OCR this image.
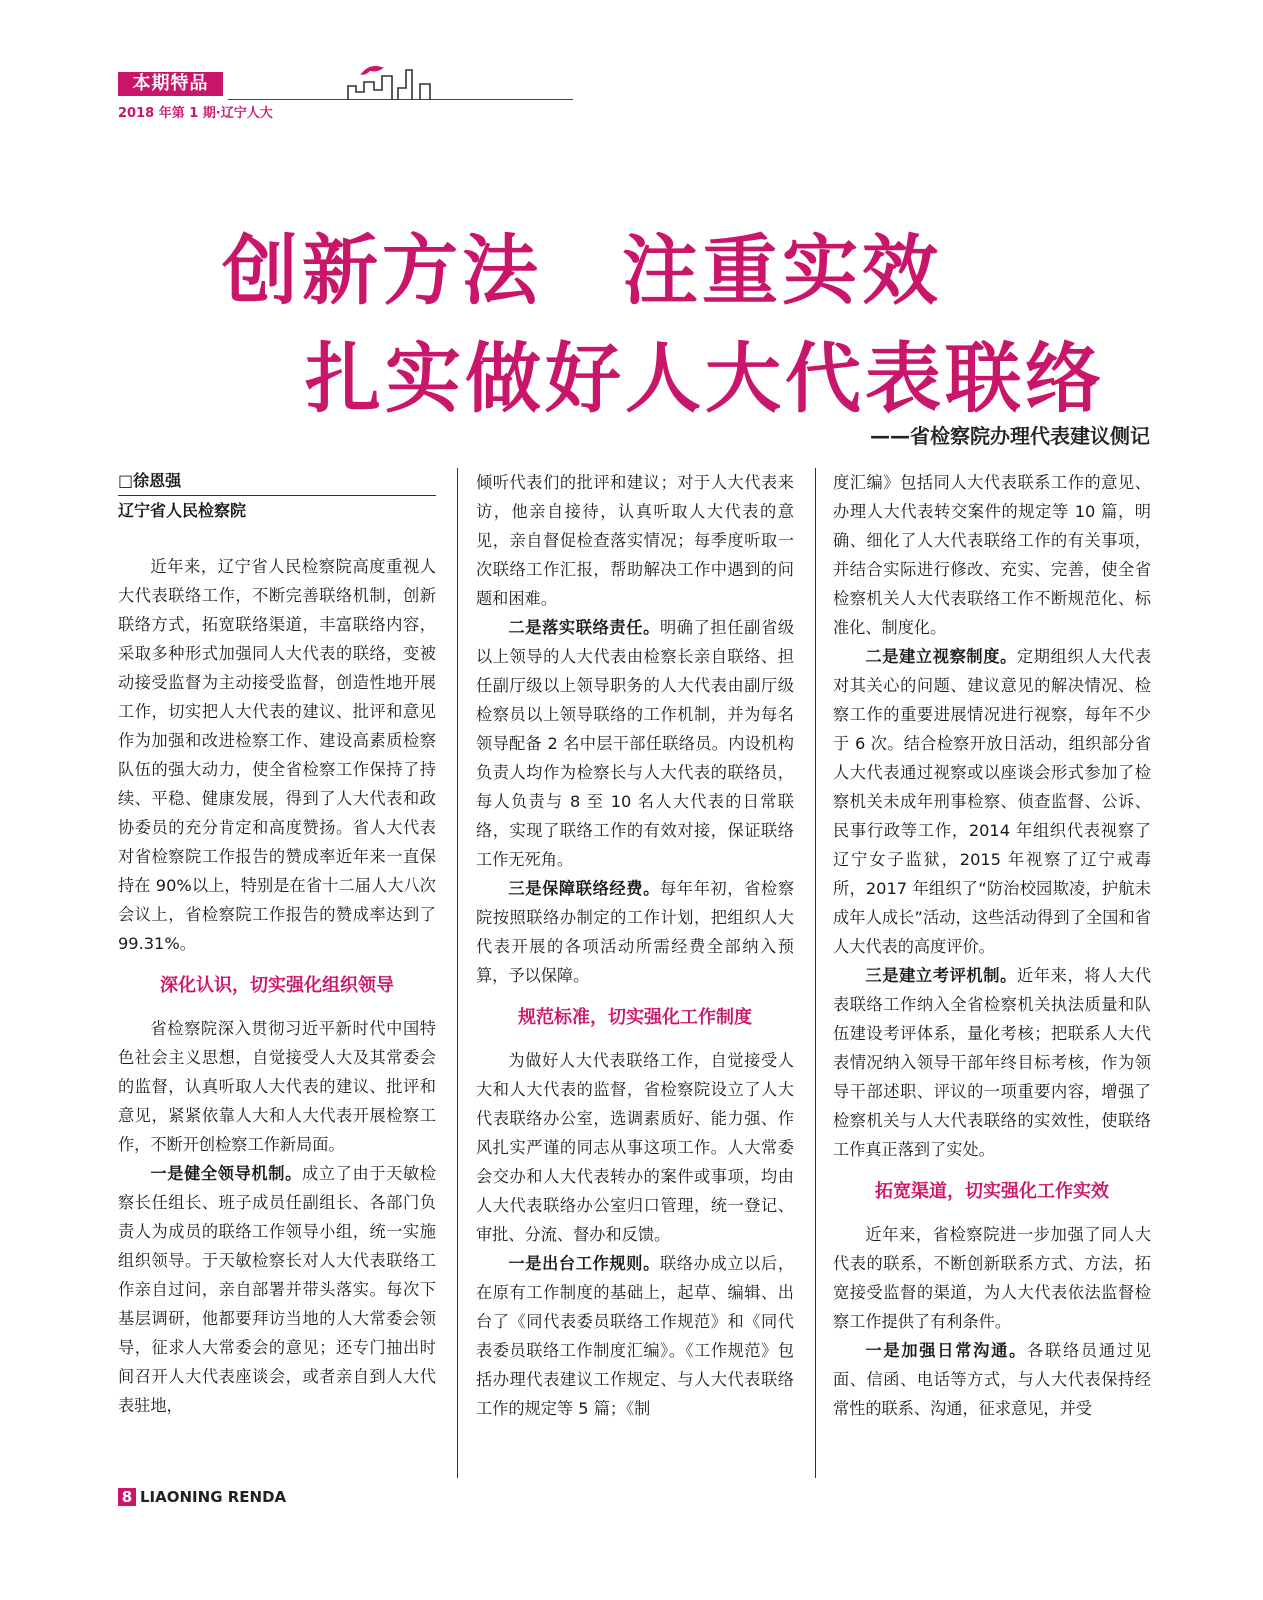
本期特品
2018 年第 1 期·辽宁人大
创新方法　注重实效
扎实做好人大代表联络
——省检察院办理代表建议侧记
□徐恩强
辽宁省人民检察院

近年来，辽宁省人民检察院高度重视人大代表联络工作，不断完善联络机制，创新联络方式，拓宽联络渠道，丰富联络内容，采取多种形式加强同人大代表的联络，变被动接受监督为主动接受监督，创造性地开展工作，切实把人大代表的建议、批评和意见作为加强和改进检察工作、建设高素质检察队伍的强大动力，使全省检察工作保持了持续、平稳、健康发展，得到了人大代表和政协委员的充分肯定和高度赞扬。省人大代表对省检察院工作报告的赞成率近年来一直保持在 90%以上，特别是在省十二届人大八次会议上，省检察院工作报告的赞成率达到了 99.31%。

深化认识，切实强化组织领导

省检察院深入贯彻习近平新时代中国特色社会主义思想，自觉接受人大及其常委会的监督，认真听取人大代表的建议、批评和意见，紧紧依靠人大和人大代表开展检察工作，不断开创检察工作新局面。

一是健全领导机制。成立了由于天敏检察长任组长、班子成员任副组长、各部门负责人为成员的联络工作领导小组，统一实施组织领导。于天敏检察长对人大代表联络工作亲自过问，亲自部署并带头落实。每次下基层调研，他都要拜访当地的人大常委会领导，征求人大常委会的意见；还专门抽出时间召开人大代表座谈会，或者亲自到人大代表驻地，

倾听代表们的批评和建议；对于人大代表来访，他亲自接待，认真听取人大代表的意见，亲自督促检查落实情况；每季度听取一次联络工作汇报，帮助解决工作中遇到的问题和困难。

二是落实联络责任。明确了担任副省级以上领导的人大代表由检察长亲自联络、担任副厅级以上领导职务的人大代表由副厅级检察员以上领导联络的工作机制，并为每名领导配备 2 名中层干部任联络员。内设机构负责人均作为检察长与人大代表的联络员，每人负责与 8 至 10 名人大代表的日常联络，实现了联络工作的有效对接，保证联络工作无死角。

三是保障联络经费。每年年初，省检察院按照联络办制定的工作计划，把组织人大代表开展的各项活动所需经费全部纳入预算，予以保障。

规范标准，切实强化工作制度

为做好人大代表联络工作，自觉接受人大和人大代表的监督，省检察院设立了人大代表联络办公室，选调素质好、能力强、作风扎实严谨的同志从事这项工作。人大常委会交办和人大代表转办的案件或事项，均由人大代表联络办公室归口管理，统一登记、审批、分流、督办和反馈。

一是出台工作规则。联络办成立以后，在原有工作制度的基础上，起草、编辑、出台了《同代表委员联络工作规范》和《同代表委员联络工作制度汇编》。《工作规范》包括办理代表建议工作规定、与人大代表联络工作的规定等 5 篇；《制

度汇编》包括同人大代表联系工作的意见、办理人大代表转交案件的规定等 10 篇，明确、细化了人大代表联络工作的有关事项，并结合实际进行修改、充实、完善，使全省检察机关人大代表联络工作不断规范化、标准化、制度化。

二是建立视察制度。定期组织人大代表对其关心的问题、建议意见的解决情况、检察工作的重要进展情况进行视察，每年不少于 6 次。结合检察开放日活动，组织部分省人大代表通过视察或以座谈会形式参加了检察机关未成年刑事检察、侦查监督、公诉、民事行政等工作，2014 年组织代表视察了辽宁女子监狱，2015 年视察了辽宁戒毒所，2017 年组织了“防治校园欺凌，护航未成年人成长”活动，这些活动得到了全国和省人大代表的高度评价。

三是建立考评机制。近年来，将人大代表联络工作纳入全省检察机关执法质量和队伍建设考评体系，量化考核；把联系人大代表情况纳入领导干部年终目标考核，作为领导干部述职、评议的一项重要内容，增强了检察机关与人大代表联络的实效性，使联络工作真正落到了实处。

拓宽渠道，切实强化工作实效

近年来，省检察院进一步加强了同人大代表的联系，不断创新联系方式、方法，拓宽接受监督的渠道，为人大代表依法监督检察工作提供了有利条件。

一是加强日常沟通。各联络员通过见面、信函、电话等方式，与人大代表保持经常性的联系、沟通，征求意见，并受

8 LIAONING RENDA
